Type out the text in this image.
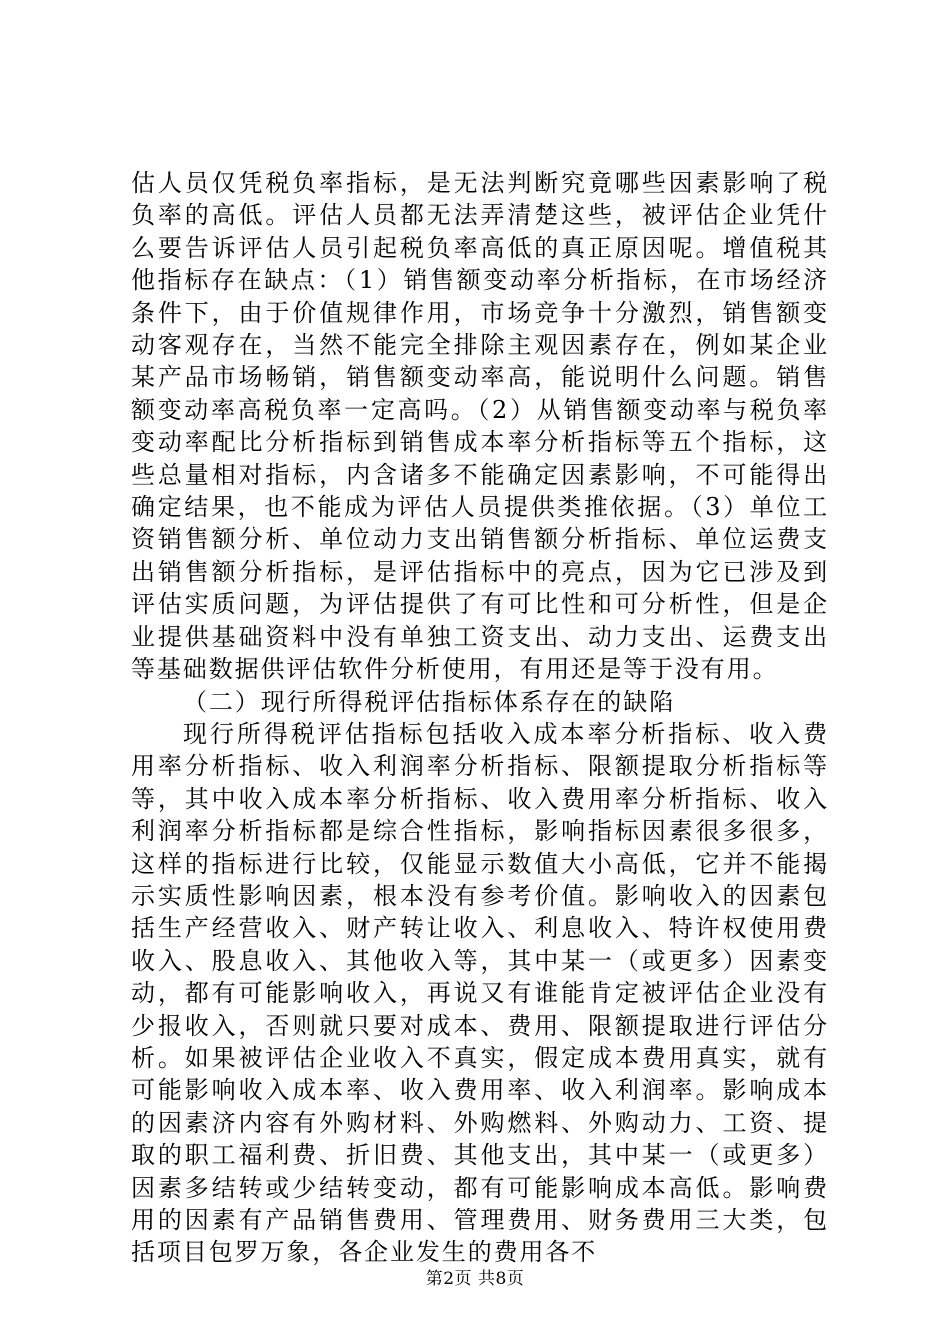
估人员仅凭税负率指标，是无法判断究竟哪些因素影响了税负率的高低。评估人员都无法弄清楚这些，被评估企业凭什么要告诉评估人员引起税负率高低的真正原因呢。增值税其他指标存在缺点：（1）销售额变动率分析指标，在市场经济条件下，由于价值规律作用，市场竞争十分激烈，销售额变动客观存在，当然不能完全排除主观因素存在，例如某企业某产品市场畅销，销售额变动率高，能说明什么问题。销售额变动率高税负率一定高吗。（2）从销售额变动率与税负率变动率配比分析指标到销售成本率分析指标等五个指标，这些总量相对指标，内含诸多不能确定因素影响，不可能得出确定结果，也不能成为评估人员提供类推依据。（3）单位工资销售额分析、单位动力支出销售额分析指标、单位运费支出销售额分析指标，是评估指标中的亮点，因为它已涉及到评估实质问题，为评估提供了有可比性和可分析性，但是企业提供基础资料中没有单独工资支出、动力支出、运费支出等基础数据供评估软件分析使用，有用还是等于没有用。

（二）现行所得税评估指标体系存在的缺陷

现行所得税评估指标包括收入成本率分析指标、收入费用率分析指标、收入利润率分析指标、限额提取分析指标等等，其中收入成本率分析指标、收入费用率分析指标、收入利润率分析指标都是综合性指标，影响指标因素很多很多，这样的指标进行比较，仅能显示数值大小高低，它并不能揭示实质性影响因素，根本没有参考价值。影响收入的因素包括生产经营收入、财产转让收入、利息收入、特许权使用费收入、股息收入、其他收入等，其中某一（或更多）因素变动，都有可能影响收入，再说又有谁能肯定被评估企业没有少报收入，否则就只要对成本、费用、限额提取进行评估分析。如果被评估企业收入不真实，假定成本费用真实，就有可能影响收入成本率、收入费用率、收入利润率。影响成本的因素济内容有外购材料、外购燃料、外购动力、工资、提取的职工福利费、折旧费、其他支出，其中某一（或更多）因素多结转或少结转变动，都有可能影响成本高低。影响费用的因素有产品销售费用、管理费用、财务费用三大类，包括项目包罗万象，各企业发生的费用各不

第2页 共8页
